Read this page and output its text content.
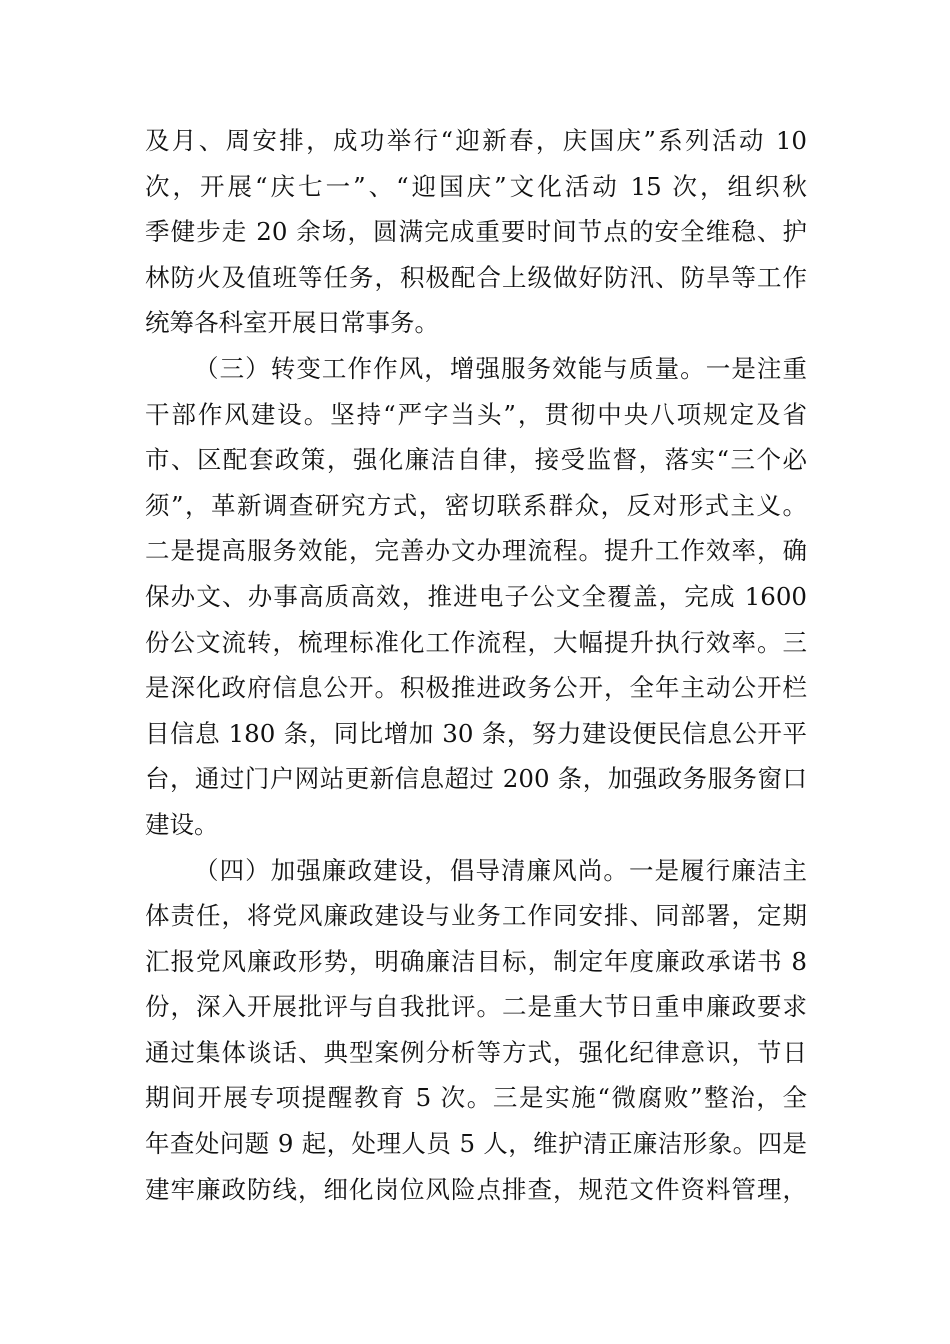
及月、周安排，成功举行“迎新春，庆国庆”系列活动 10
次，开展“庆七一”、“迎国庆”文化活动 15 次，组织秋
季健步走 20 余场，圆满完成重要时间节点的安全维稳、护
林防火及值班等任务，积极配合上级做好防汛、防旱等工作
统筹各科室开展日常事务。
（三）转变工作作风，增强服务效能与质量。一是注重
干部作风建设。坚持“严字当头”，贯彻中央八项规定及省
市、区配套政策，强化廉洁自律，接受监督，落实“三个必
须”，革新调查研究方式，密切联系群众，反对形式主义。
二是提高服务效能，完善办文办理流程。提升工作效率，确
保办文、办事高质高效，推进电子公文全覆盖，完成 1600
份公文流转，梳理标准化工作流程，大幅提升执行效率。三
是深化政府信息公开。积极推进政务公开，全年主动公开栏
目信息 180 条，同比增加 30 条，努力建设便民信息公开平
台，通过门户网站更新信息超过 200 条，加强政务服务窗口
建设。
（四）加强廉政建设，倡导清廉风尚。一是履行廉洁主
体责任，将党风廉政建设与业务工作同安排、同部署，定期
汇报党风廉政形势，明确廉洁目标，制定年度廉政承诺书 8
份，深入开展批评与自我批评。二是重大节日重申廉政要求
通过集体谈话、典型案例分析等方式，强化纪律意识，节日
期间开展专项提醒教育 5 次。三是实施“微腐败”整治，全
年查处问题 9 起，处理人员 5 人，维护清正廉洁形象。四是
建牢廉政防线，细化岗位风险点排查，规范文件资料管理，
